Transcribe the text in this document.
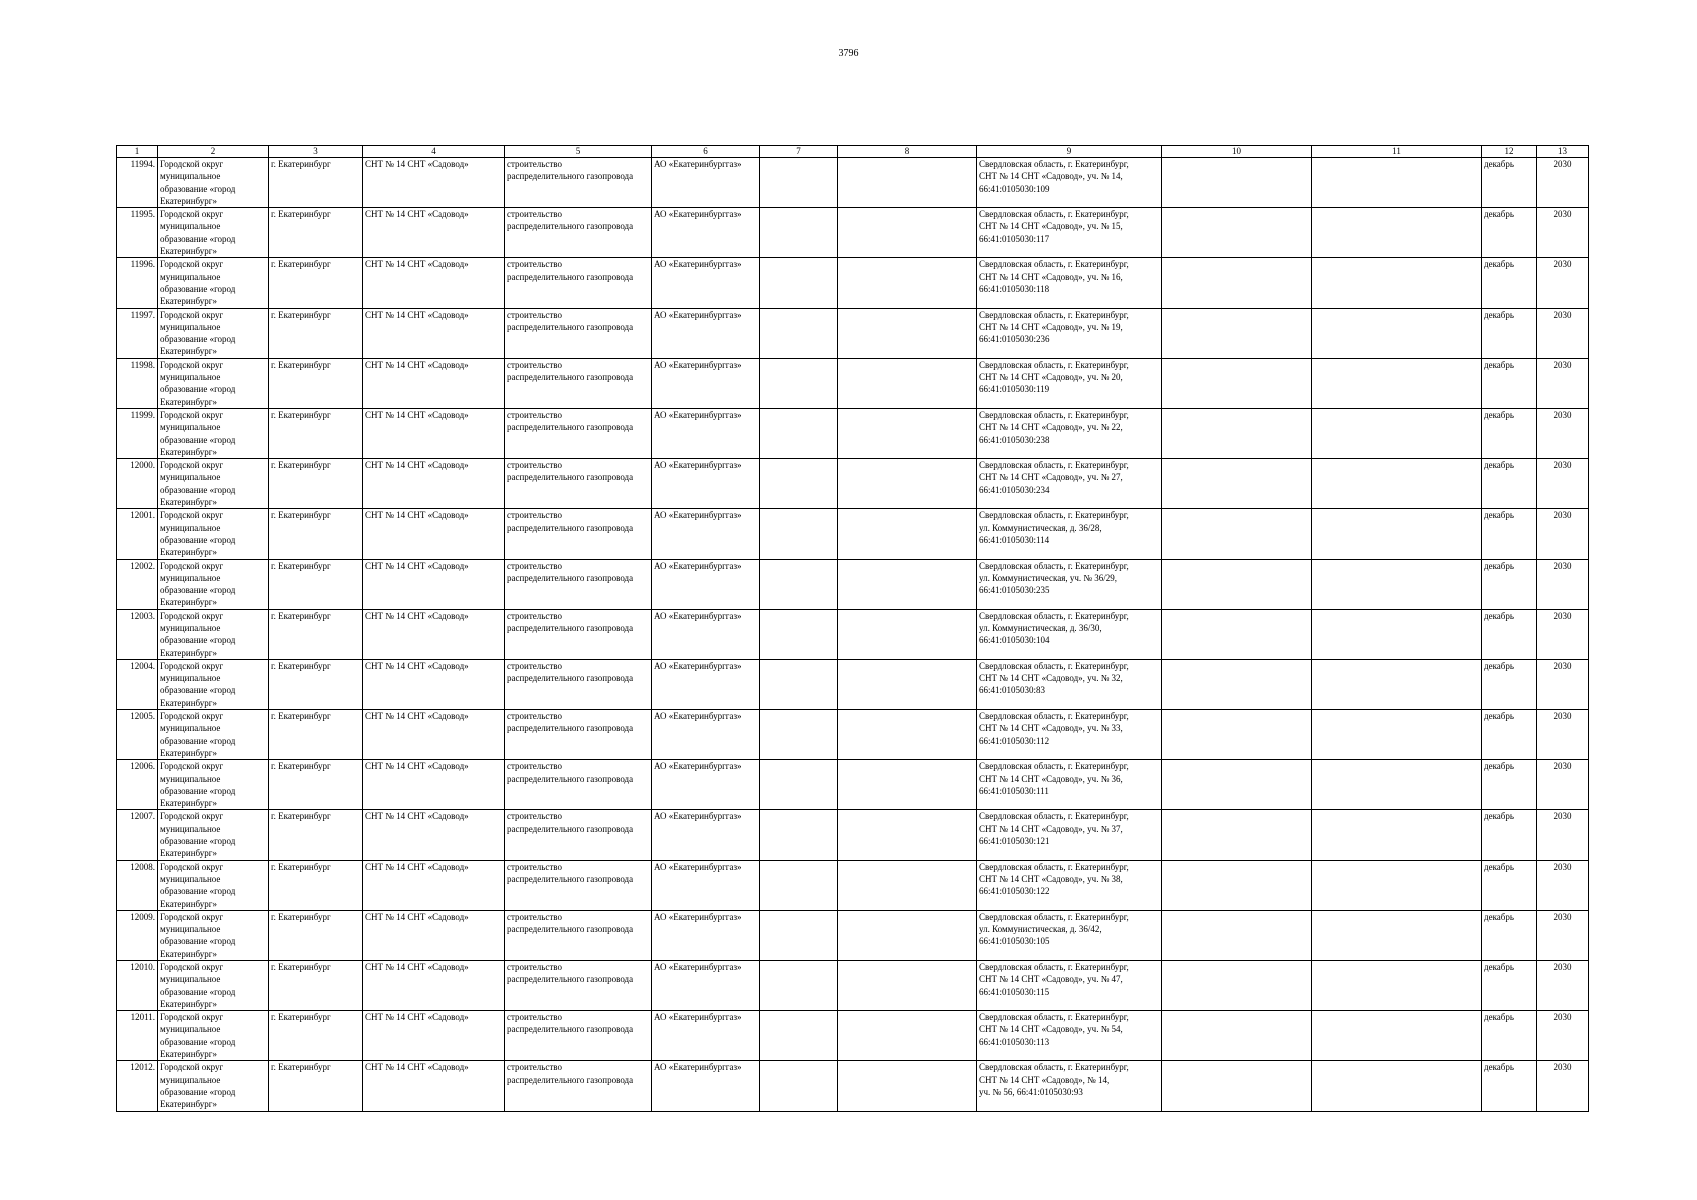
3796
1	2	3	4	5	6	7	8	9	10	11	12	13
11994.	Городской округ
муниципальное
образование «город
Екатеринбург»	г. Екатеринбург	СНТ № 14 СНТ «Садовод»	строительство
распределительного газопровода	АО «Екатеринбурггаз»			Свердловская область, г. Екатеринбург,
СНТ № 14 СНТ «Садовод», уч. № 14,
66:41:0105030:109			декабрь	2030
11995.	Городской округ
муниципальное
образование «город
Екатеринбург»	г. Екатеринбург	СНТ № 14 СНТ «Садовод»	строительство
распределительного газопровода	АО «Екатеринбурггаз»			Свердловская область, г. Екатеринбург,
СНТ № 14 СНТ «Садовод», уч. № 15,
66:41:0105030:117			декабрь	2030
11996.	Городской округ
муниципальное
образование «город
Екатеринбург»	г. Екатеринбург	СНТ № 14 СНТ «Садовод»	строительство
распределительного газопровода	АО «Екатеринбурггаз»			Свердловская область, г. Екатеринбург,
СНТ № 14 СНТ «Садовод», уч. № 16,
66:41:0105030:118			декабрь	2030
11997.	Городской округ
муниципальное
образование «город
Екатеринбург»	г. Екатеринбург	СНТ № 14 СНТ «Садовод»	строительство
распределительного газопровода	АО «Екатеринбурггаз»			Свердловская область, г. Екатеринбург,
СНТ № 14 СНТ «Садовод», уч. № 19,
66:41:0105030:236			декабрь	2030
11998.	Городской округ
муниципальное
образование «город
Екатеринбург»	г. Екатеринбург	СНТ № 14 СНТ «Садовод»	строительство
распределительного газопровода	АО «Екатеринбурггаз»			Свердловская область, г. Екатеринбург,
СНТ № 14 СНТ «Садовод», уч. № 20,
66:41:0105030:119			декабрь	2030
11999.	Городской округ
муниципальное
образование «город
Екатеринбург»	г. Екатеринбург	СНТ № 14 СНТ «Садовод»	строительство
распределительного газопровода	АО «Екатеринбурггаз»			Свердловская область, г. Екатеринбург,
СНТ № 14 СНТ «Садовод», уч. № 22,
66:41:0105030:238			декабрь	2030
12000.	Городской округ
муниципальное
образование «город
Екатеринбург»	г. Екатеринбург	СНТ № 14 СНТ «Садовод»	строительство
распределительного газопровода	АО «Екатеринбурггаз»			Свердловская область, г. Екатеринбург,
СНТ № 14 СНТ «Садовод», уч. № 27,
66:41:0105030:234			декабрь	2030
12001.	Городской округ
муниципальное
образование «город
Екатеринбург»	г. Екатеринбург	СНТ № 14 СНТ «Садовод»	строительство
распределительного газопровода	АО «Екатеринбурггаз»			Свердловская область, г. Екатеринбург,
ул. Коммунистическая, д. 36/28,
66:41:0105030:114			декабрь	2030
12002.	Городской округ
муниципальное
образование «город
Екатеринбург»	г. Екатеринбург	СНТ № 14 СНТ «Садовод»	строительство
распределительного газопровода	АО «Екатеринбурггаз»			Свердловская область, г. Екатеринбург,
ул. Коммунистическая, уч. № 36/29,
66:41:0105030:235			декабрь	2030
12003.	Городской округ
муниципальное
образование «город
Екатеринбург»	г. Екатеринбург	СНТ № 14 СНТ «Садовод»	строительство
распределительного газопровода	АО «Екатеринбурггаз»			Свердловская область, г. Екатеринбург,
ул. Коммунистическая, д. 36/30,
66:41:0105030:104			декабрь	2030
12004.	Городской округ
муниципальное
образование «город
Екатеринбург»	г. Екатеринбург	СНТ № 14 СНТ «Садовод»	строительство
распределительного газопровода	АО «Екатеринбурггаз»			Свердловская область, г. Екатеринбург,
СНТ № 14 СНТ «Садовод», уч. № 32,
66:41:0105030:83			декабрь	2030
12005.	Городской округ
муниципальное
образование «город
Екатеринбург»	г. Екатеринбург	СНТ № 14 СНТ «Садовод»	строительство
распределительного газопровода	АО «Екатеринбурггаз»			Свердловская область, г. Екатеринбург,
СНТ № 14 СНТ «Садовод», уч. № 33,
66:41:0105030:112			декабрь	2030
12006.	Городской округ
муниципальное
образование «город
Екатеринбург»	г. Екатеринбург	СНТ № 14 СНТ «Садовод»	строительство
распределительного газопровода	АО «Екатеринбурггаз»			Свердловская область, г. Екатеринбург,
СНТ № 14 СНТ «Садовод», уч. № 36,
66:41:0105030:111			декабрь	2030
12007.	Городской округ
муниципальное
образование «город
Екатеринбург»	г. Екатеринбург	СНТ № 14 СНТ «Садовод»	строительство
распределительного газопровода	АО «Екатеринбурггаз»			Свердловская область, г. Екатеринбург,
СНТ № 14 СНТ «Садовод», уч. № 37,
66:41:0105030:121			декабрь	2030
12008.	Городской округ
муниципальное
образование «город
Екатеринбург»	г. Екатеринбург	СНТ № 14 СНТ «Садовод»	строительство
распределительного газопровода	АО «Екатеринбурггаз»			Свердловская область, г. Екатеринбург,
СНТ № 14 СНТ «Садовод», уч. № 38,
66:41:0105030:122			декабрь	2030
12009.	Городской округ
муниципальное
образование «город
Екатеринбург»	г. Екатеринбург	СНТ № 14 СНТ «Садовод»	строительство
распределительного газопровода	АО «Екатеринбурггаз»			Свердловская область, г. Екатеринбург,
ул. Коммунистическая, д. 36/42,
66:41:0105030:105			декабрь	2030
12010.	Городской округ
муниципальное
образование «город
Екатеринбург»	г. Екатеринбург	СНТ № 14 СНТ «Садовод»	строительство
распределительного газопровода	АО «Екатеринбурггаз»			Свердловская область, г. Екатеринбург,
СНТ № 14 СНТ «Садовод», уч. № 47,
66:41:0105030:115			декабрь	2030
12011.	Городской округ
муниципальное
образование «город
Екатеринбург»	г. Екатеринбург	СНТ № 14 СНТ «Садовод»	строительство
распределительного газопровода	АО «Екатеринбурггаз»			Свердловская область, г. Екатеринбург,
СНТ № 14 СНТ «Садовод», уч. № 54,
66:41:0105030:113			декабрь	2030
12012.	Городской округ
муниципальное
образование «город
Екатеринбург»	г. Екатеринбург	СНТ № 14 СНТ «Садовод»	строительство
распределительного газопровода	АО «Екатеринбурггаз»			Свердловская область, г. Екатеринбург,
СНТ № 14 СНТ «Садовод», № 14,
уч. № 56, 66:41:0105030:93			декабрь	2030
